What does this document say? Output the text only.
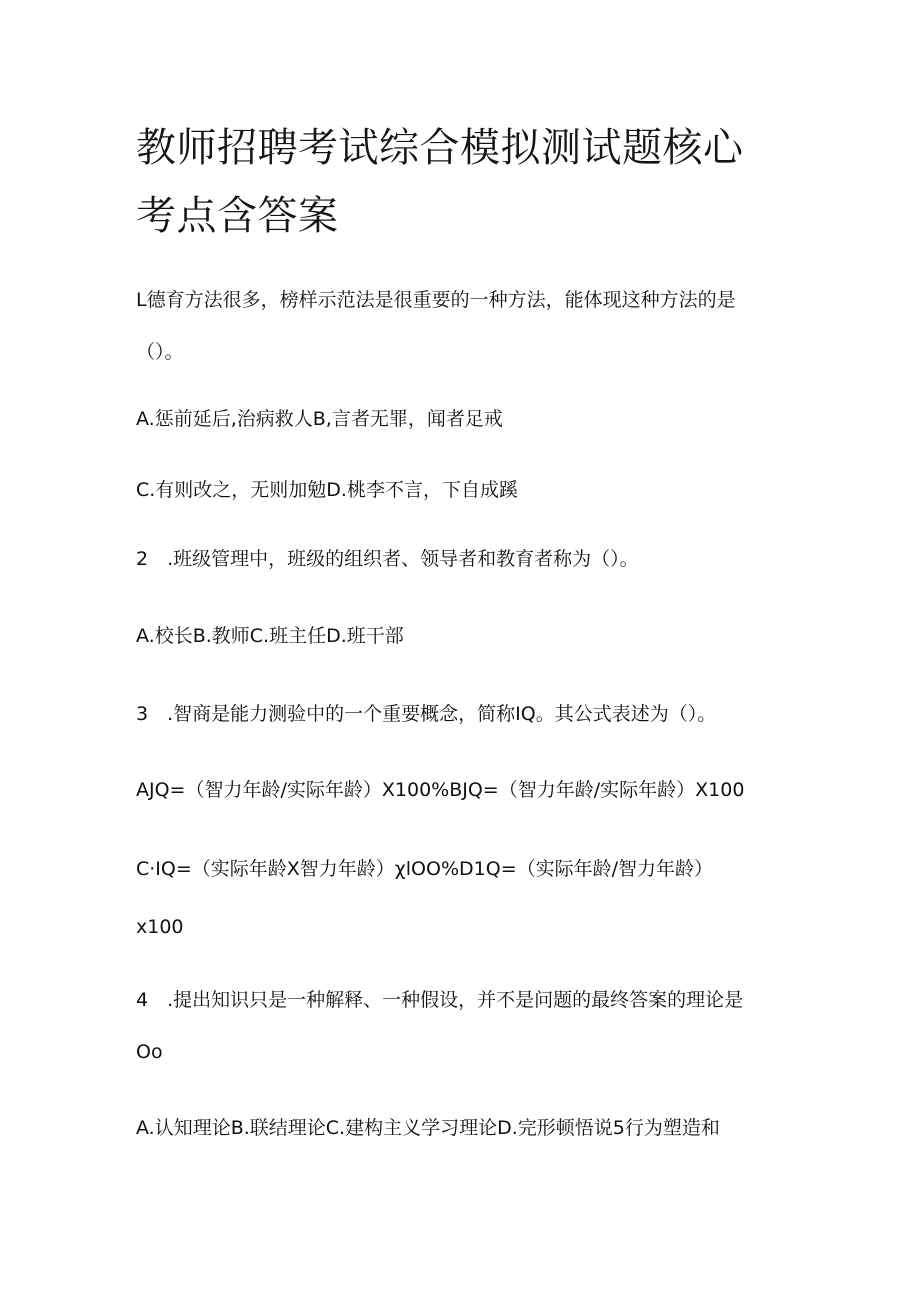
教师招聘考试综合模拟测试题核心
考点含答案
L德育方法很多，榜样示范法是很重要的一种方法，能体现这种方法的是
（）。
A.惩前延后,治病救人B,言者无罪，闻者足戒
C.有则改之，无则加勉D.桃李不言，下自成蹊
2　.班级管理中，班级的组织者、领导者和教育者称为（）。
A.校长B.教师C.班主任D.班干部
3　.智商是能力测验中的一个重要概念，简称IQ。其公式表述为（）。
AJQ=（智力年龄/实际年龄）X100%BJQ=（智力年龄/实际年龄）X100
C·IQ=（实际年龄X智力年龄）χlOO%D1Q=（实际年龄/智力年龄）
x100
4　.提出知识只是一种解释、一种假设，并不是问题的最终答案的理论是
Oo
A.认知理论B.联结理论C.建构主义学习理论D.完形顿悟说5行为塑造和
